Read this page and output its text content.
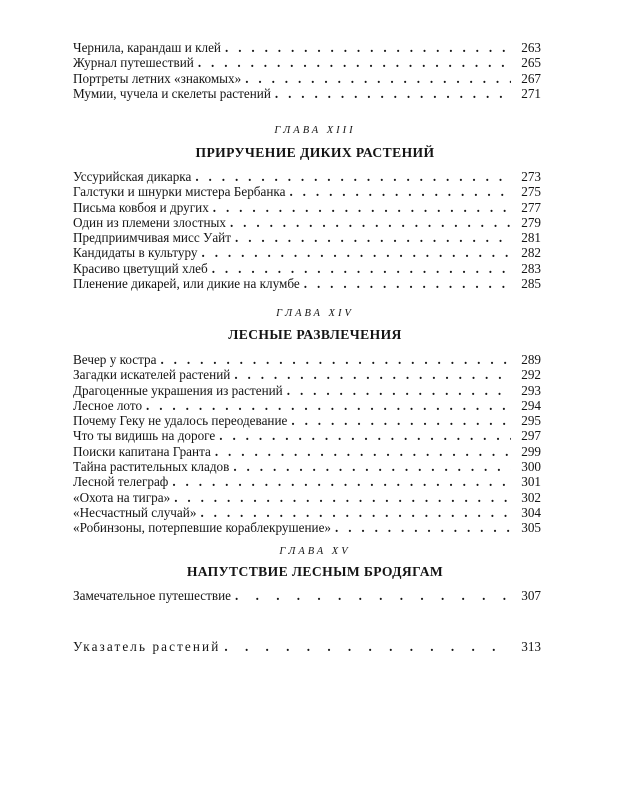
Чернила, карандаш и клей . . .	263
Журнал путешествий . . .	265
Портреты летних «знакомых» . . .	267
Мумии, чучела и скелеты растений . . .	271
ГЛАВА XIII
ПРИРУЧЕНИЕ ДИКИХ РАСТЕНИЙ
Уссурийская дикарка . . .	273
Галстуки и шнурки мистера Бербанка . . .	275
Письма ковбоя и других . . .	277
Один из племени злостных . . .	279
Предприимчивая мисс Уайт . . .	281
Кандидаты в культуру . . .	282
Красиво цветущий хлеб . . .	283
Пленение дикарей, или дикие на клумбе . . .	285
ГЛАВА XIV
ЛЕСНЫЕ РАЗВЛЕЧЕНИЯ
Вечер у костра . . .	289
Загадки искателей растений . . .	292
Драгоценные украшения из растений . . .	293
Лесное лото . . .	294
Почему Геку не удалось переодевание . . .	295
Что ты видишь на дороге . . .	297
Поиски капитана Гранта . . .	299
Тайна растительных кладов . . .	300
Лесной телеграф . . .	301
«Охота на тигра» . . .	302
«Несчастный случай» . . .	304
«Робинзоны, потерпевшие кораблекрушение» . . .	305
ГЛАВА XV
НАПУТСТВИЕ ЛЕСНЫМ БРОДЯГАМ
Замечательное путешествие . . .	307
Указатель растений . . .	313
